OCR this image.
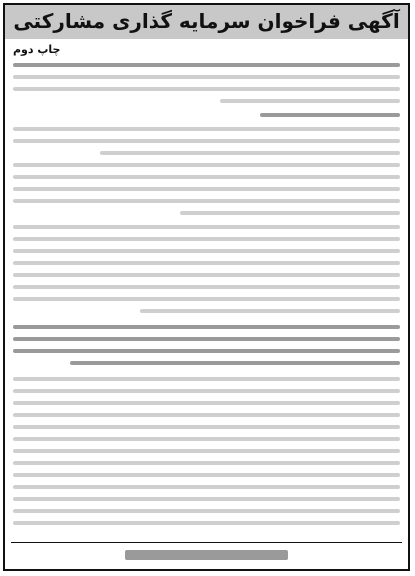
آگهی فراخوان سرمایه گذاری مشارکتی
چاپ دوم
